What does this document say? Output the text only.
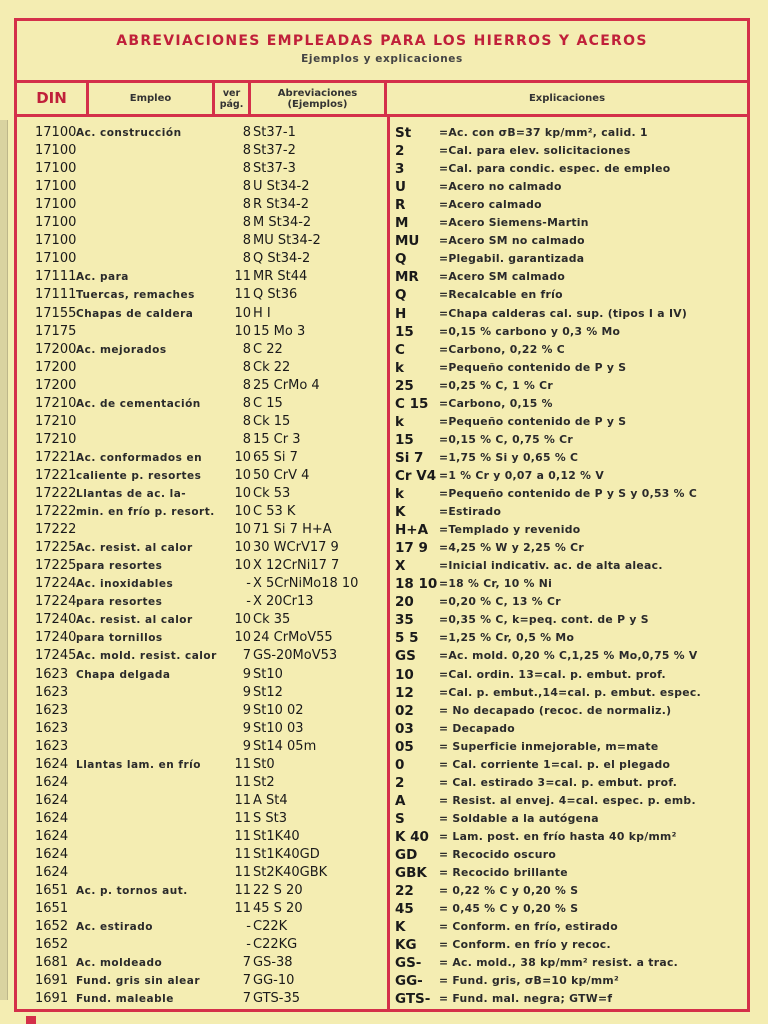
ABREVIACIONES EMPLEADAS PARA LOS HIERROS Y ACEROS
Ejemplos y explicaciones
DIN	Empleo	ver
pág.
Abreviaciones
(Ejemplos)	Explicaciones
17100 Ac. construcción	8 St37-1	St	=Ac. con σB=37 kp/mm², calid. 1
17100	8 St37-2	2	=Cal. para elev. solicitaciones
17100	8 St37-3	3	=Cal. para condic. espec. de empleo
17100	8 U St34-2	U	=Acero no calmado
17100	8 R St34-2	R	=Acero calmado
17100	8 M St34-2	M	=Acero Siemens-Martin
17100	8 MU St34-2	MU	=Acero SM no calmado
17100	8 Q St34-2	Q	=Plegabil. garantizada
17111 Ac. para	11 MR St44	MR	=Acero SM calmado
17111 Tuercas, remaches	11 Q St36	Q	=Recalcable en frío
17155 Chapas de caldera	10 H I	H	=Chapa calderas cal. sup. (tipos I a IV)
17175	10 15 Mo 3	15	=0,15 % carbono y 0,3 % Mo
17200 Ac. mejorados	8 C 22	C	=Carbono, 0,22 % C
17200	8 Ck 22	k	=Pequeño contenido de P y S
17200	8 25 CrMo 4	25	=0,25 % C, 1 % Cr
17210 Ac. de cementación	8 C 15	C 15 =Carbono, 0,15 %
17210	8 Ck 15	k	=Pequeño contenido de P y S
17210	8 15 Cr 3	15	=0,15 % C, 0,75 % Cr
17221 Ac. conformados en	10 65 Si 7	Si 7	=1,75 % Si y 0,65 % C
17221 caliente p. resortes	10 50 CrV 4	Cr V4 =1 % Cr y 0,07 a 0,12 % V
17222 Llantas de ac. la-	10 Ck 53	k	=Pequeño contenido de P y S y 0,53 % C
17222 min. en frío p. resort.	10 C 53 K	K	=Estirado
17222	10 71 Si 7 H+A	H+A	=Templado y revenido
17225 Ac. resist. al calor	10 30 WCrV17 9	17 9	=4,25 % W y 2,25 % Cr
17225 para resortes	10 X 12CrNi17 7	X	=Inicial indicativ. ac. de alta aleac.
17224 Ac. inoxidables	- X 5CrNiMo18 10	18 10 =18 % Cr, 10 % Ni
17224 para resortes	- X 20Cr13	20	=0,20 % C, 13 % Cr
17240 Ac. resist. al calor	10 Ck 35	35	=0,35 % C, k=peq. cont. de P y S
17240 para tornillos	10 24 CrMoV55	5 5	=1,25 % Cr, 0,5 % Mo
17245 Ac. mold. resist. calor	7 GS-20MoV53	GS	=Ac. mold. 0,20 % C,1,25 % Mo,0,75 % V
1623 Chapa delgada	9 St10	10	=Cal. ordin. 13=cal. p. embut. prof.
1623	9 St12	12	=Cal. p. embut.,14=cal. p. embut. espec.
1623	9 St10 02	02	= No decapado (recoc. de normaliz.)
1623	9 St10 03	03	= Decapado
1623	9 St14 05m	05	= Superficie inmejorable, m=mate
1624 Llantas lam. en frío	11 St0	0	= Cal. corriente 1=cal. p. el plegado
1624	11 St2	2	= Cal. estirado 3=cal. p. embut. prof.
1624	11 A St4	A	= Resist. al envej. 4=cal. espec. p. emb.
1624	11 S St3	S	= Soldable a la autógena
1624	11 St1K40	K 40 = Lam. post. en frío hasta 40 kp/mm²
1624	11 St1K40GD	GD	= Recocido oscuro
1624	11 St2K40GBK	GBK	= Recocido brillante
1651 Ac. p. tornos aut.	11 22 S 20	22	= 0,22 % C y 0,20 % S
1651	11 45 S 20	45	= 0,45 % C y 0,20 % S
1652 Ac. estirado	- C22K	K	= Conform. en frío, estirado
1652	- C22KG	KG	= Conform. en frío y recoc.
1681 Ac. moldeado	7 GS-38	GS-	= Ac. mold., 38 kp/mm² resist. a trac.
1691 Fund. gris sin alear	7 GG-10	GG-	= Fund. gris, σB=10 kp/mm²
1691 Fund. maleable	7 GTS-35	GTS- = Fund. mal. negra; GTW=f
